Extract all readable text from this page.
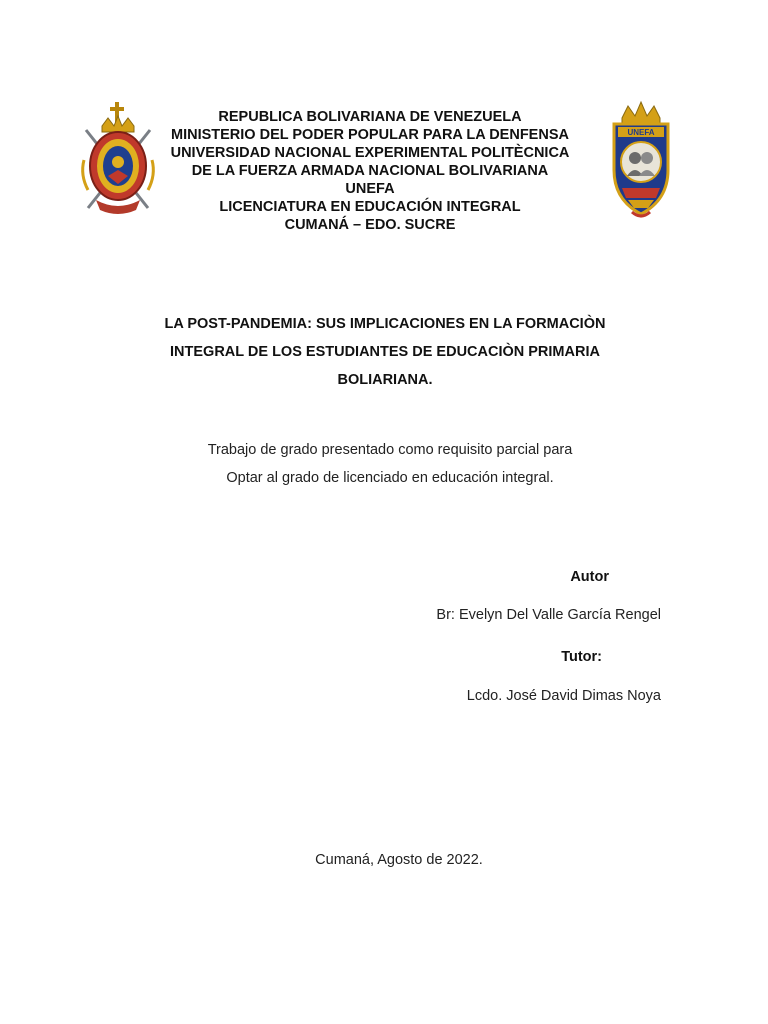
REPUBLICA BOLIVARIANA DE VENEZUELA
MINISTERIO DEL PODER POPULAR PARA LA DENFENSA
UNIVERSIDAD NACIONAL EXPERIMENTAL POLITÈCNICA
DE LA FUERZA ARMADA NACIONAL BOLIVARIANA
UNEFA
LICENCIATURA EN EDUCACIÓN INTEGRAL
CUMANÁ – EDO. SUCRE
UNEFA
LA POST-PANDEMIA: SUS IMPLICACIONES EN LA FORMACIÒN
INTEGRAL DE LOS ESTUDIANTES DE EDUCACIÒN PRIMARIA
BOLIARIANA.
Trabajo de grado presentado como requisito parcial para
Optar al grado de licenciado en educación integral.
Autor
Br: Evelyn Del Valle García Rengel
Tutor:
Lcdo. José David Dimas Noya
Cumaná, Agosto de 2022.
